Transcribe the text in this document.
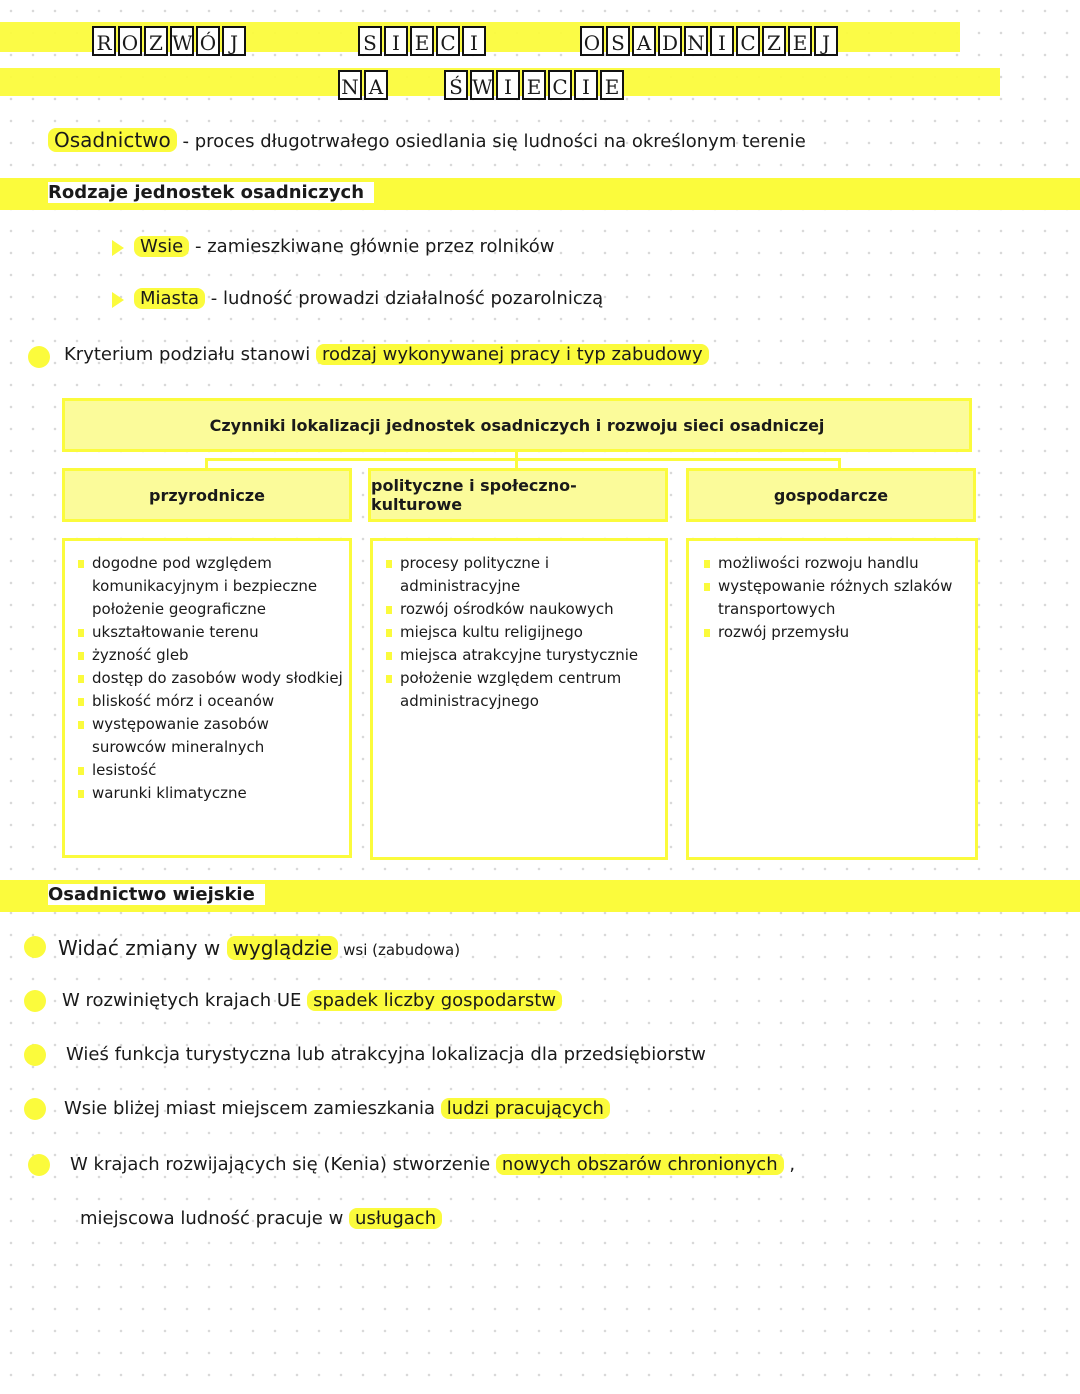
R O Z W Ó J	S I E C I	O S A D N I C Z E J
N A	Ś W I E C I E
Osadnictwo - proces długotrwałego osiedlania się ludności na określonym terenie
Rodzaje jednostek osadniczych
Wsie - zamieszkiwane głównie przez rolników
Miasta - ludność prowadzi działalność pozarolniczą
Kryterium podziału stanowi rodzaj wykonywanej pracy i typ zabudowy
Czynniki lokalizacji jednostek osadniczych i rozwoju sieci osadniczej
przyrodnicze	polityczne i społeczno-kulturowe	gospodarcze
dogodne pod względem komunikacyjnym i bezpieczne położenie geograficzne
ukształtowanie terenu
żyzność gleb
dostęp do zasobów wody słodkiej
bliskość mórz i oceanów
występowanie zasobów surowców mineralnych
lesistość
warunki klimatyczne
procesy polityczne i administracyjne
rozwój ośrodków naukowych
miejsca kultu religijnego
miejsca atrakcyjne turystycznie
położenie względem centrum administracyjnego
możliwości rozwoju handlu
występowanie różnych szlaków transportowych
rozwój przemysłu
Osadnictwo wiejskie
Widać zmiany w wyglądzie wsi (zabudowa)
W rozwiniętych krajach UE spadek liczby gospodarstw
Wieś funkcja turystyczna lub atrakcyjna lokalizacja dla przedsiębiorstw
Wsie bliżej miast miejscem zamieszkania ludzi pracujących
W krajach rozwijających się (Kenia) stworzenie nowych obszarów chronionych ,
miejscowa ludność pracuje w usługach
